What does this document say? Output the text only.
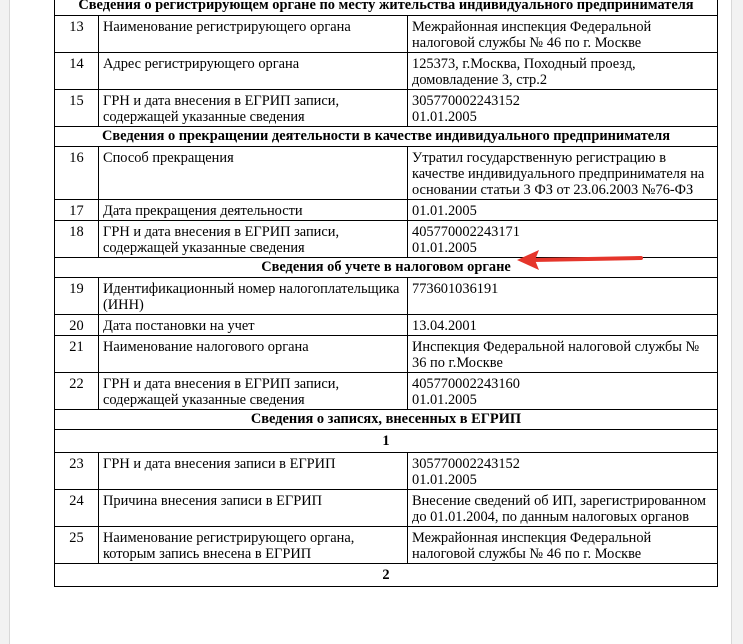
Сведения о регистрирующем органе по месту жительства индивидуального предпринимателя		
13	Наименование регистрирующего органа	Межрайонная инспекция Федеральной налоговой службы № 46 по г. Москве
14	Адрес регистрирующего органа	125373, г.Москва, Походный проезд, домовладение 3, стр.2
15	ГРН и дата внесения в ЕГРИП записи, содержащей указанные сведения	305770002243152
01.01.2005

Сведения о прекращении деятельности в качестве индивидуального предпринимателя		
16	Способ прекращения	Утратил государственную регистрацию в качестве индивидуального предпринимателя на основании статьи 3 ФЗ от 23.06.2003 №76-ФЗ
17	Дата прекращения деятельности	01.01.2005
18	ГРН и дата внесения в ЕГРИП записи, содержащей указанные сведения	405770002243171
01.01.2005

Сведения об учете в налоговом органе		
19	Идентификационный номер налогоплательщика (ИНН)	773601036191
20	Дата постановки на учет	13.04.2001
21	Наименование налогового органа	Инспекция Федеральной налоговой службы № 36 по г.Москве
22	ГРН и дата внесения в ЕГРИП записи, содержащей указанные сведения	405770002243160
01.01.2005

Сведения о записях, внесенных в ЕГРИП		
1		
23	ГРН и дата внесения записи в ЕГРИП	305770002243152
01.01.2005

24	Причина внесения записи в ЕГРИП	Внесение сведений об ИП, зарегистрированном до 01.01.2004, по данным налоговых органов
25	Наименование регистрирующего органа, которым запись внесена в ЕГРИП	Межрайонная инспекция Федеральной налоговой службы № 46 по г. Москве
2		
